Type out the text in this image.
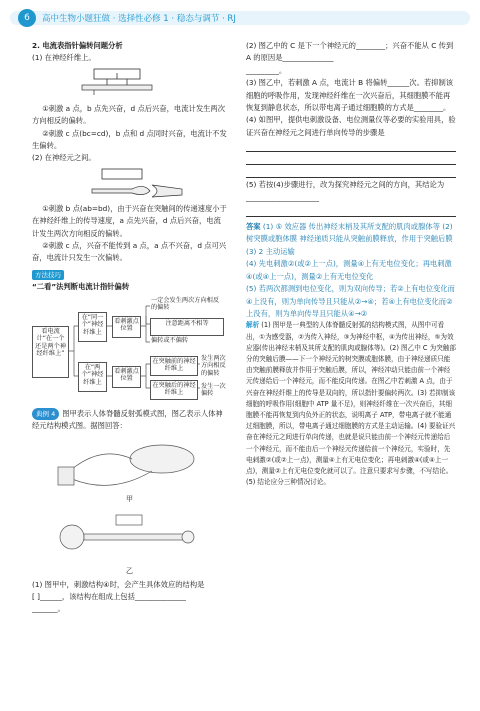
6	高中生物小题狂做 · 选择性必修 1 · 稳态与调节 · RJ

2. 电流表指针偏转问题分析

(1) 在神经纤维上。

①刺激 a 点，b 点先兴奋，d 点后兴奋，电流计发生两次方向相反的偏转。

②刺激 c 点(bc=cd)，b 点和 d 点同时兴奋，电流计不发生偏转。

(2) 在神经元之间。

①刺激 b 点(ab=bd)，由于兴奋在突触间的传递速度小于在神经纤维上的传导速度，a 点先兴奋，d 点后兴奋，电流计发生两次方向相反的偏转。

②刺激 c 点，兴奋不能传到 a 点，a 点不兴奋，d 点可兴奋，电流计只发生一次偏转。

方法技巧

“二看”法判断电流计指针偏转

看电流计“在一个还是两个神经纤维上”
在“同一个”神经纤维上
在“两个”神经纤维上
看刺激点位置
看刺激点位置
一定会发生两次方向相反的偏转
注意距离不相等
偏转或不偏转
在突触前的神经纤维上
在突触后的神经纤维上
发生两次方向相反的偏转
发生一次偏转

典例 4 图甲表示人体脊髓反射弧模式图，图乙表示人体神经元结构模式图。据图回答：

甲
乙

(1) 图甲中，刺激结构④时，会产生具体效应的结构是

[ ]______，该结构在组成上包括______________

_______。

(2) 图乙中的 C 是下一个神经元的________；兴奋不能从 C 传到 A 的原因是______________

_________。

(3) 图乙中，若刺激 A 点，电流计 B 将偏转______次。若抑制该细胞的呼吸作用，发现神经纤维在一次兴奋后，其细胞膜不能再恢复到静息状态，所以带电离子通过细胞膜的方式是________。

(4) 如图甲，提供电刺激设备、电位测量仪等必要的实验用具，验证兴奋在神经元之间进行单向传导的步骤是

(5) 若按(4)步骤进行，改为探究神经元之间的方向，其结论为____________________

答案 (1) ⑤ 效应器 传出神经末梢及其所支配的肌肉或腺体等 (2) 树突膜或胞体膜 神经递质只能从突触前膜释放，作用于突触后膜 (3) 2 主动运输

(4) 先电刺激②(或②上一点)，测量④上有无电位变化；再电刺激④(或④上一点)，测量②上有无电位变化

(5) 若两次都测到电位变化，则为双向传导；若②上有电位变化而④上没有，则为单向传导且只能从②→④；若④上有电位变化而②上没有，则为单向传导且只能从④→②

解析 (1) 图甲是一典型的人体脊髓反射弧的结构模式图，从图中可看出，①为感受器，②为传入神经，③为神经中枢，④为传出神经，⑤为效应器(传出神经末梢及其所支配的肌肉或腺体等)。(2) 图乙中 C 为突触部分的突触后膜——下一个神经元的树突膜或胞体膜，由于神经递质只能由突触前膜释放并作用于突触后膜，所以，神经冲动只能由前一个神经元传递给后一个神经元，而不能反向传递。在图乙中若刺激 A 点，由于兴奋在神经纤维上的传导是双向的，所以指针要偏转两次。(3) 若抑制该细胞的呼吸作用(细胞中 ATP 量不足)，则神经纤维在一次兴奋后，其细胞膜不能再恢复到内负外正的状态，说明离子 ATP，带电离子就不能通过细胞膜，所以，带电离子通过细胞膜的方式是主动运输。(4) 要验证兴奋在神经元之间进行单向传递，也就是说只能由前一个神经元传递给后一个神经元，而不能由后一个神经元传递给前一个神经元，实验时，先电刺激②(或②上一点)，测量④上有无电位变化；再电刺激④(或④上一点)，测量②上有无电位变化就可以了。注意只要求写步骤，不写结论。(5) 结论应分三种情况讨论。
